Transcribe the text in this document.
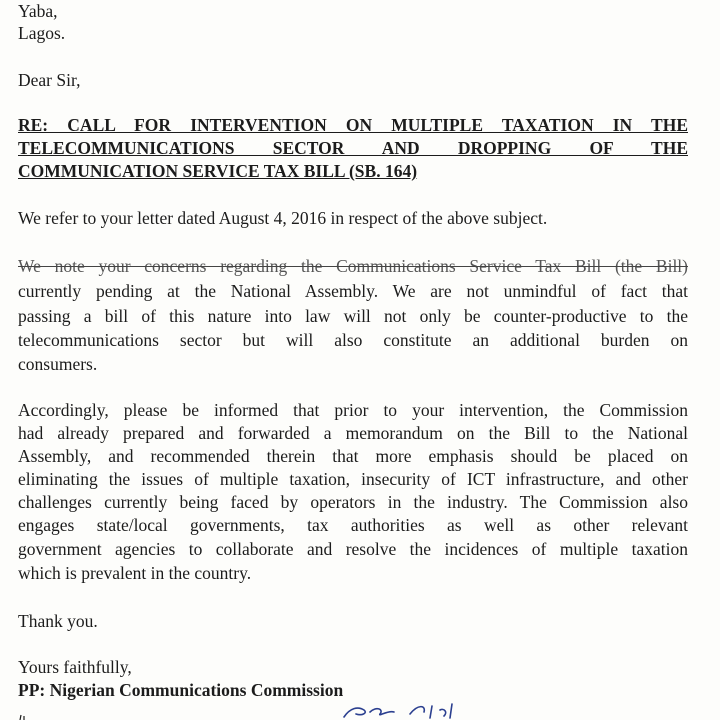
Yaba,
Lagos.
Dear Sir,
RE: CALL FOR INTERVENTION ON MULTIPLE TAXATION IN THE
TELECOMMUNICATIONS SECTOR AND DROPPING OF THE
COMMUNICATION SERVICE TAX BILL (SB. 164)
We refer to your letter dated August 4, 2016 in respect of the above subject.
We note your concerns regarding the Communications Service Tax Bill (the Bill)
currently pending at the National Assembly. We are not unmindful of fact that
passing a bill of this nature into law will not only be counter-productive to the
telecommunications sector but will also constitute an additional burden on
consumers.
Accordingly, please be informed that prior to your intervention, the Commission
had already prepared and forwarded a memorandum on the Bill to the National
Assembly, and recommended therein that more emphasis should be placed on
eliminating the issues of multiple taxation, insecurity of ICT infrastructure, and other
challenges currently being faced by operators in the industry. The Commission also
engages state/local governments, tax authorities as well as other relevant
government agencies to collaborate and resolve the incidences of multiple taxation
which is prevalent in the country.
Thank you.
Yours faithfully,
PP: Nigerian Communications Commission
